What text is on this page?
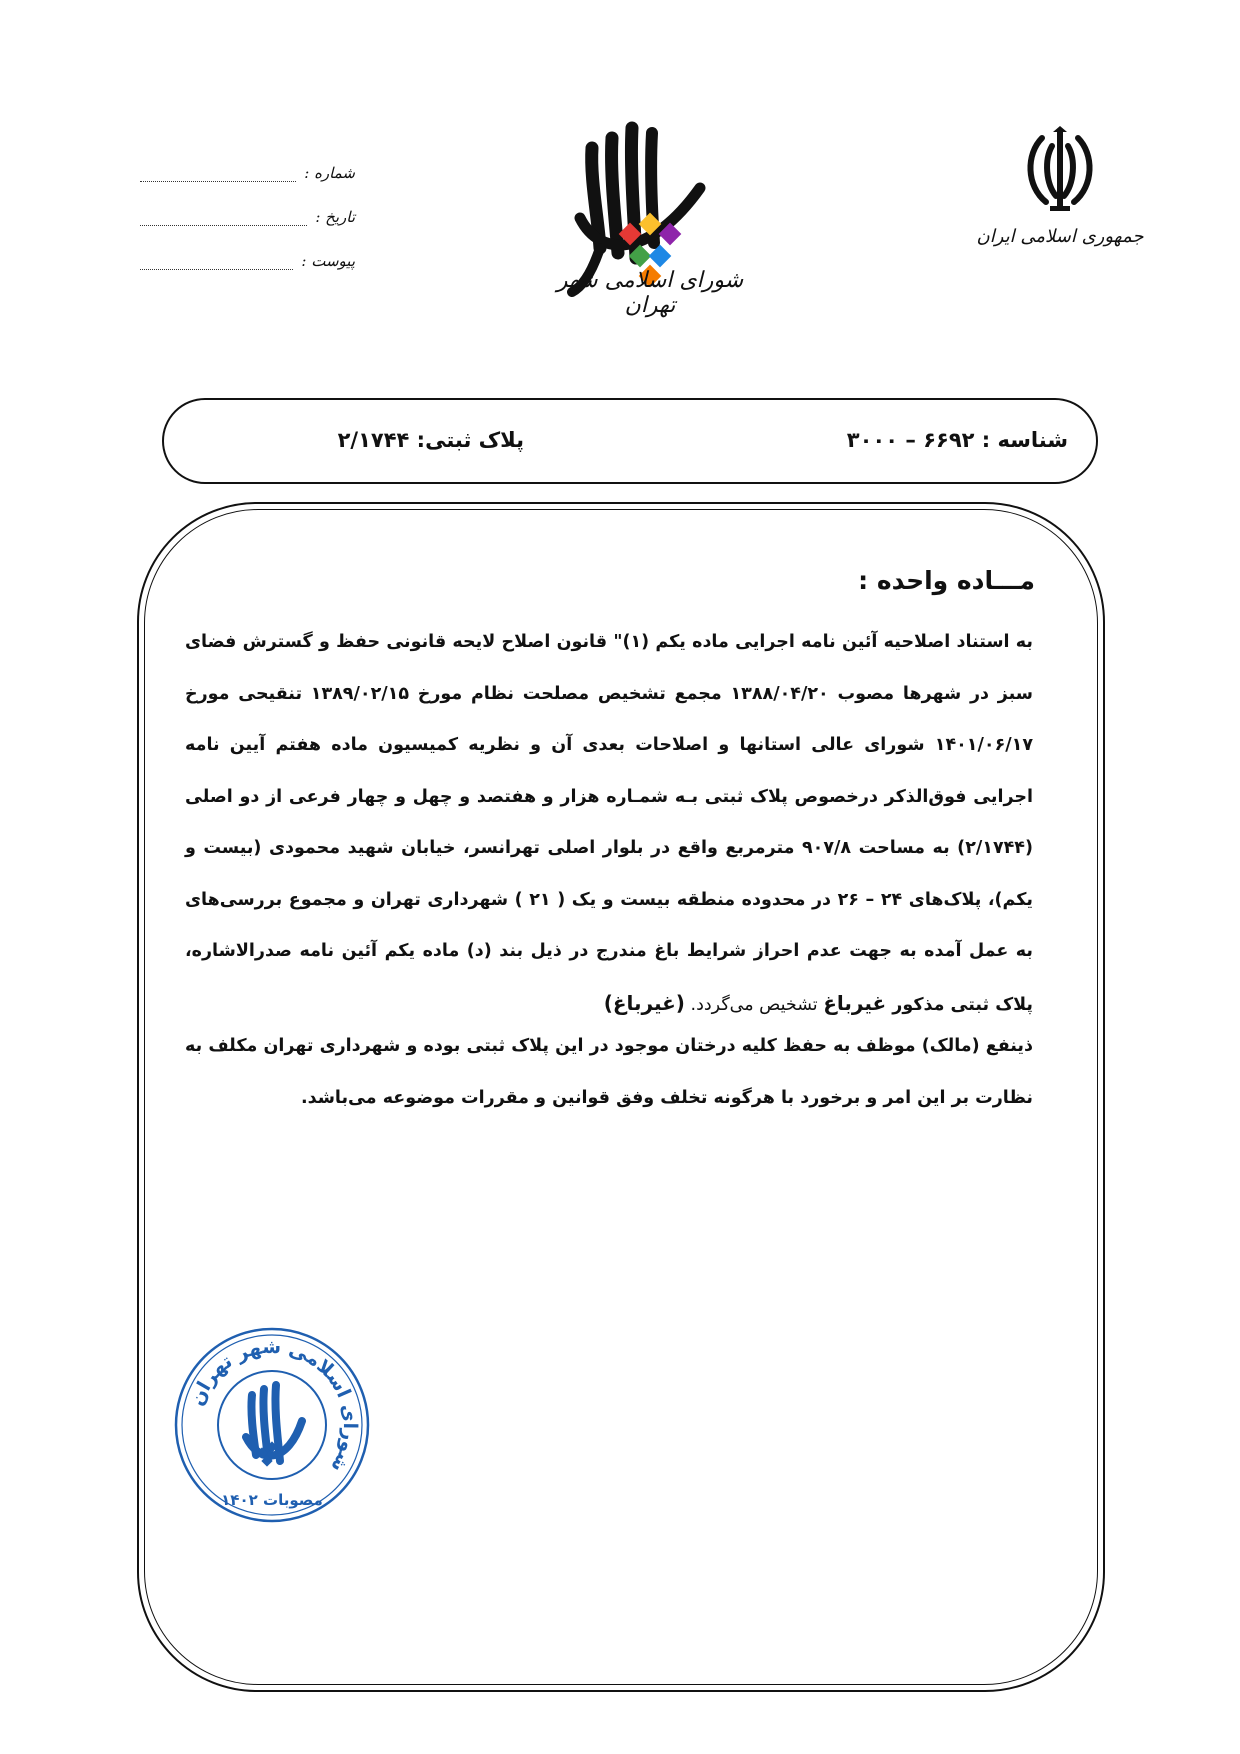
شماره :
تاریخ :
پیوست :
شورای اسلامی شهر تهران
جمهوری اسلامی ایران
شناسه : ۶۶۹۲ – ۳۰۰۰
پلاک ثبتی: ۲/۱۷۴۴
مـــاده واحده :

به استناد اصلاحیه آئین نامه اجرایی ماده یکم (۱)" قانون اصلاح لایحه قانونی حفظ و گسترش فضای سبز در شهرها مصوب ۱۳۸۸/۰۴/۲۰ مجمع تشخیص مصلحت نظام مورخ ۱۳۸۹/۰۲/۱۵ تنقیحی مورخ ۱۴۰۱/۰۶/۱۷ شورای عالی استانها و اصلاحات بعدی آن و نظریه کمیسیون ماده هفتم آیین نامه اجرایی فوق‌الذکر درخصوص پلاک ثبتی بـه شمـاره هزار و هفتصد و چهل و چهار فرعی از دو اصلی (۲/۱۷۴۴) به مساحت ۹۰۷/۸ مترمربع واقع در بلوار اصلی تهرانسر، خیابان شهید محمودی (بیست و یکم)، پلاک‌های ۲۴ – ۲۶ در محدوده منطقه بیست و یک ( ۲۱ ) شهرداری تهران و مجموع بررسی‌های به عمل آمده به جهت عدم احراز شرایط باغ مندرج در ذیل بند (د) ماده یکم آئین نامه صدرالاشاره، پلاک ثبتی مذکور غیرباغ تشخیص می‌گردد. (غیرباغ)

ذینفع (مالک) موظف به حفظ کلیه درختان موجود در این پلاک ثبتی بوده و شهرداری تهران مکلف به نظارت بر این امر و برخورد با هرگونه تخلف وفق قوانین و مقررات موضوعه می‌باشد.

شورای اسلامی شهر تهران
مصوبات ۱۴۰۲
